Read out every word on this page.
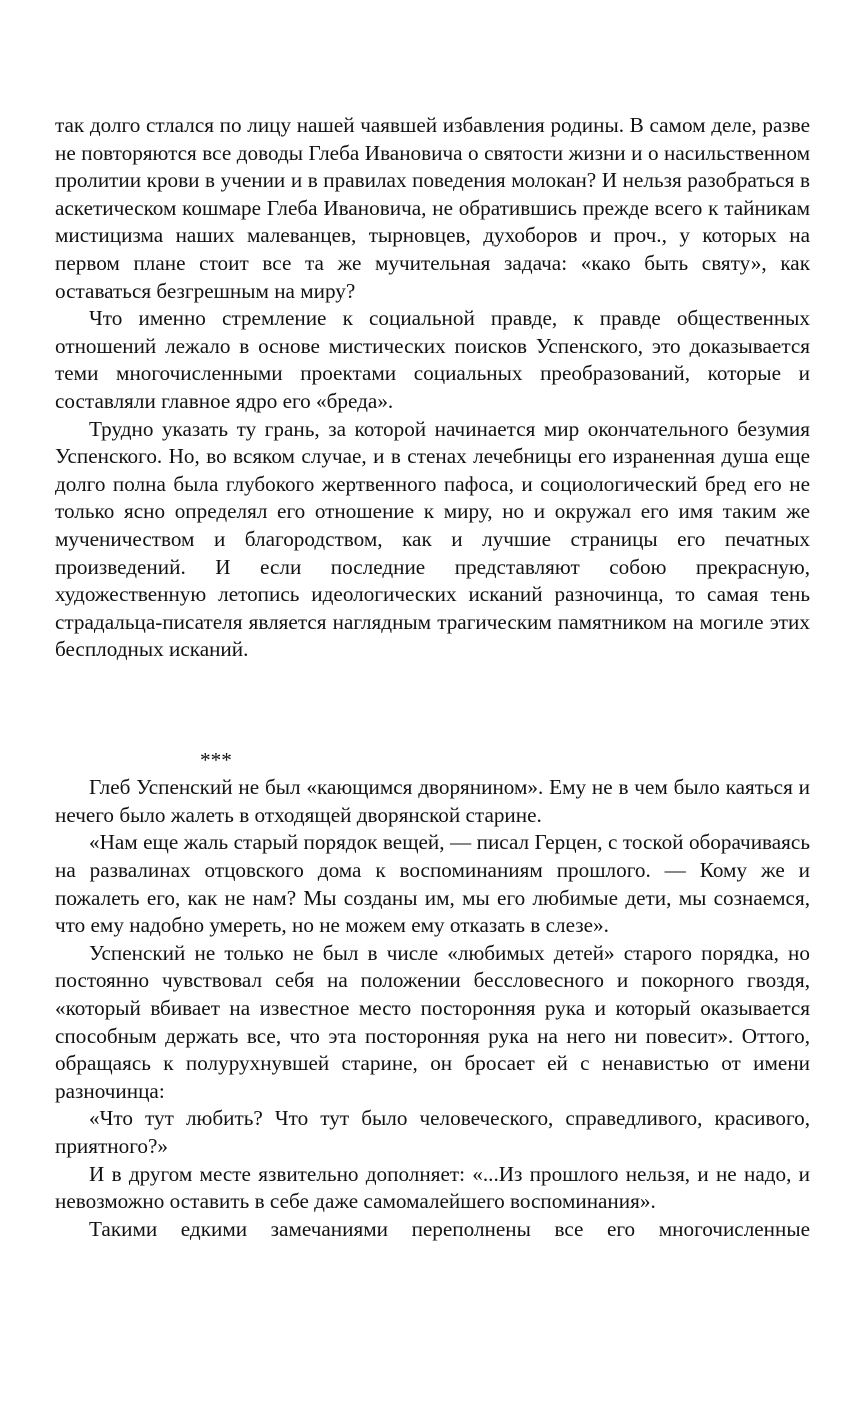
так долго стлался по лицу нашей чаявшей избавления родины. В самом деле, разве не повторяются все доводы Глеба Ивановича о святости жизни и о насильственном пролитии крови в учении и в правилах поведения молокан? И нельзя разобраться в аскетическом кошмаре Глеба Ивановича, не обратившись прежде всего к тайникам мистицизма наших малеванцев, тырновцев, духоборов и проч., у которых на первом плане стоит все та же мучительная задача: «како быть святу», как оставаться безгрешным на миру?

Что именно стремление к социальной правде, к правде общественных отношений лежало в основе мистических поисков Успенского, это доказывается теми многочисленными проектами социальных преобразований, которые и составляли главное ядро его «бреда».

Трудно указать ту грань, за которой начинается мир окончательного безумия Успенского. Но, во всяком случае, и в стенах лечебницы его израненная душа еще долго полна была глубокого жертвенного пафоса, и социологический бред его не только ясно определял его отношение к миру, но и окружал его имя таким же мученичеством и благородством, как и лучшие страницы его печатных произведений. И если последние представляют собою прекрасную, художественную летопись идеологических исканий разночинца, то самая тень страдальца-писателя является наглядным трагическим памятником на могиле этих бесплодных исканий.

***

Глеб Успенский не был «кающимся дворянином». Ему не в чем было каяться и нечего было жалеть в отходящей дворянской старине.

«Нам еще жаль старый порядок вещей, — писал Герцен, с тоской оборачиваясь на развалинах отцовского дома к воспоминаниям прошлого. — Кому же и пожалеть его, как не нам? Мы созданы им, мы его любимые дети, мы сознаемся, что ему надобно умереть, но не можем ему отказать в слезе».

Успенский не только не был в числе «любимых детей» старого порядка, но постоянно чувствовал себя на положении бессловесного и покорного гвоздя, «который вбивает на известное место посторонняя рука и который оказывается способным держать все, что эта посторонняя рука на него ни повесит». Оттого, обращаясь к полурухнувшей старине, он бросает ей с ненавистью от имени разночинца:

«Что тут любить? Что тут было человеческого, справедливого, красивого, приятного?»

И в другом месте язвительно дополняет: «...Из прошлого нельзя, и не надо, и невозможно оставить в себе даже самомалейшего воспоминания».

Такими едкими замечаниями переполнены все его многочисленные
